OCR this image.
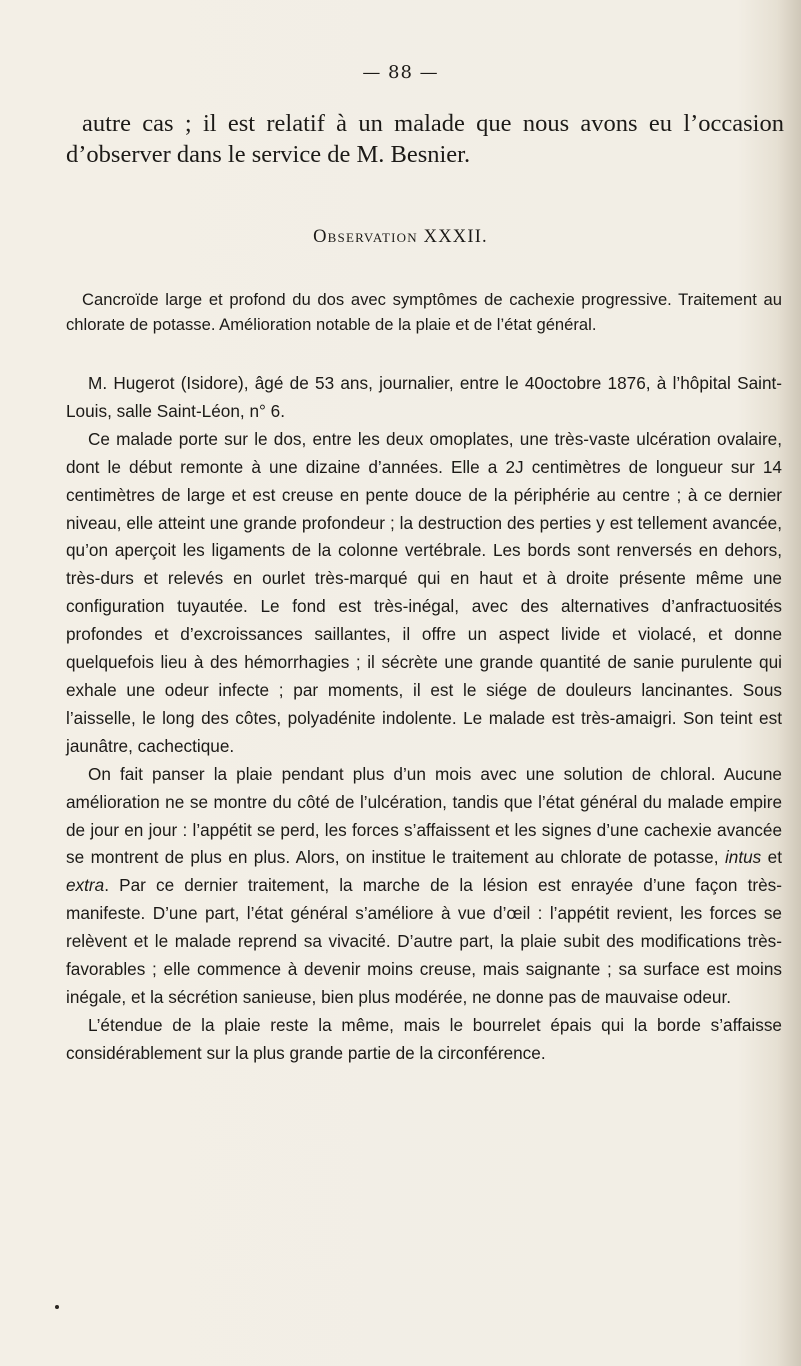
— 88 —

autre cas ; il est relatif à un malade que nous avons eu l’occasion d’observer dans le service de M. Besnier.

Observation XXXII.

Cancroïde large et profond du dos avec symptômes de cachexie progressive. Traitement au chlorate de potasse. Amélioration notable de la plaie et de l’état général.

M. Hugerot (Isidore), âgé de 53 ans, journalier, entre le 40octobre 1876, à l’hôpital Saint-Louis, salle Saint-Léon, n° 6.

Ce malade porte sur le dos, entre les deux omoplates, une très-vaste ulcération ovalaire, dont le début remonte à une dizaine d’années. Elle a 2J centimètres de longueur sur 14 centimètres de large et est creuse en pente douce de la périphérie au centre ; à ce dernier niveau, elle atteint une grande profondeur ; la destruction des perties y est tellement avancée, qu’on aperçoit les ligaments de la colonne vertébrale. Les bords sont renversés en dehors, très-durs et relevés en ourlet très-marqué qui en haut et à droite présente même une configuration tuyautée. Le fond est très-inégal, avec des alternatives d’anfractuosités profondes et d’excroissances saillantes, il offre un aspect livide et violacé, et donne quelquefois lieu à des hémorrhagies ; il sécrète une grande quantité de sanie purulente qui exhale une odeur infecte ; par moments, il est le siége de douleurs lancinantes. Sous l’aisselle, le long des côtes, polyadénite indolente. Le malade est très-amaigri. Son teint est jaunâtre, cachectique.

On fait panser la plaie pendant plus d’un mois avec une solution de chloral. Aucune amélioration ne se montre du côté de l’ulcération, tandis que l’état général du malade empire de jour en jour : l’appétit se perd, les forces s’affaissent et les signes d’une cachexie avancée se montrent de plus en plus. Alors, on institue le traitement au chlorate de potasse, intus et extra. Par ce dernier traitement, la marche de la lésion est enrayée d’une façon très-manifeste. D’une part, l’état général s’améliore à vue d’œil : l’appétit revient, les forces se relèvent et le malade reprend sa vivacité. D’autre part, la plaie subit des modifications très-favorables ; elle commence à devenir moins creuse, mais saignante ; sa surface est moins inégale, et la sécrétion sanieuse, bien plus modérée, ne donne pas de mauvaise odeur.

L’étendue de la plaie reste la même, mais le bourrelet épais qui la borde s’affaisse considérablement sur la plus grande partie de la circonférence.
